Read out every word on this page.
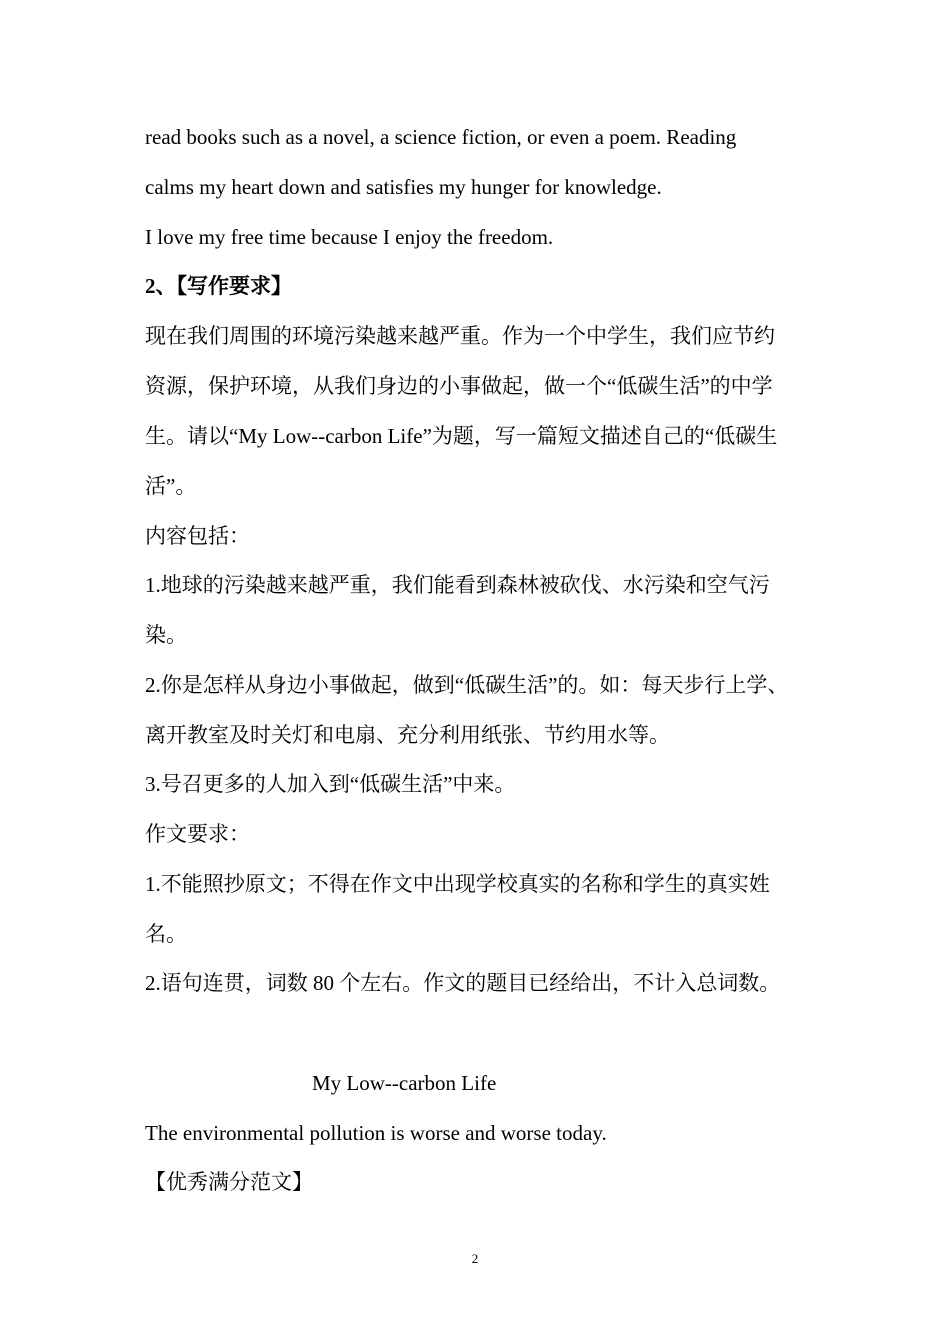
read books such as a novel, a science fiction, or even a poem. Reading
calms my heart down and satisfies my hunger for knowledge.
I love my free time because I enjoy the freedom.
2、【写作要求】
现在我们周围的环境污染越来越严重。作为一个中学生，我们应节约
资源，保护环境，从我们身边的小事做起，做一个“低碳生活”的中学
生。请以“My Low--carbon Life”为题，写一篇短文描述自己的“低碳生
活”。
内容包括：
1.地球的污染越来越严重，我们能看到森林被砍伐、水污染和空气污
染。
2.你是怎样从身边小事做起，做到“低碳生活”的。如：每天步行上学、
离开教室及时关灯和电扇、充分利用纸张、节约用水等。
3.号召更多的人加入到“低碳生活”中来。
作文要求：
1.不能照抄原文；不得在作文中出现学校真实的名称和学生的真实姓
名。
2.语句连贯，词数 80 个左右。作文的题目已经给出，不计入总词数。
My Low--carbon Life
The environmental pollution is worse and worse today.
【优秀满分范文】
2
